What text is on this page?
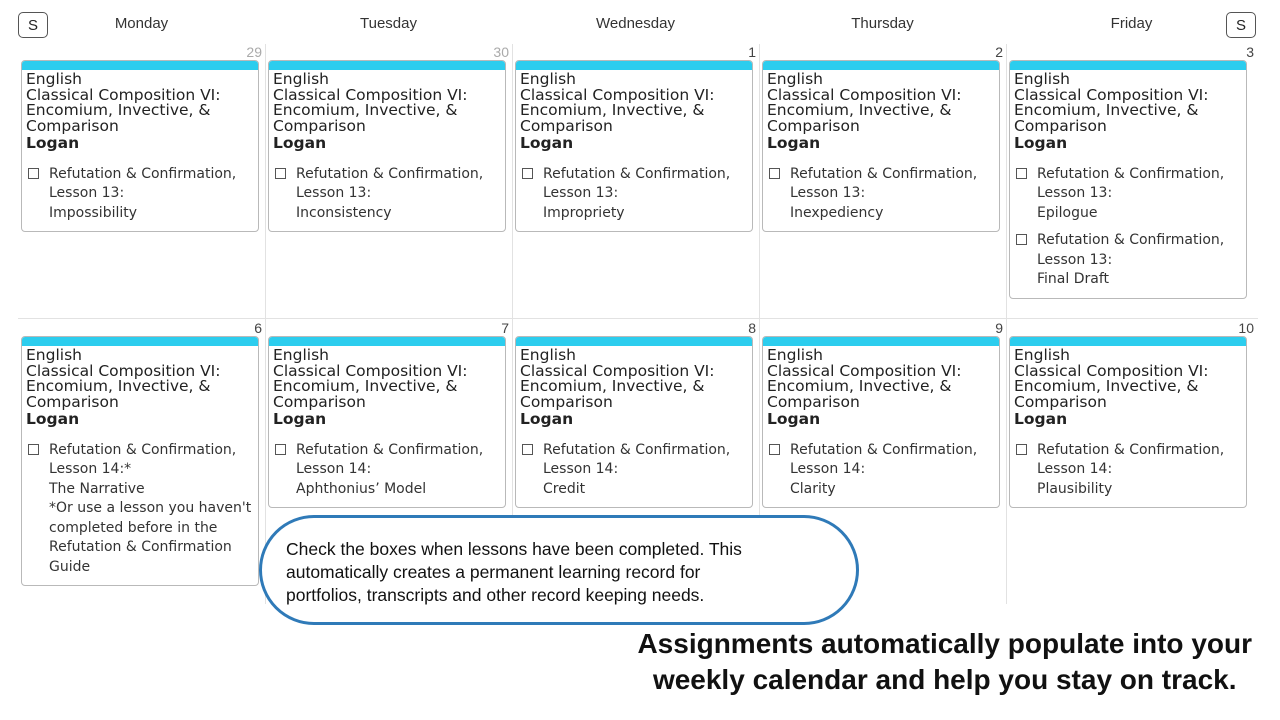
S	S
Monday	Tuesday	Wednesday	Thursday	Friday
29	30	1	2	3
English
Classical Composition VI:
Encomium, Invective, &
Comparison
Logan
Refutation & Confirmation,
Lesson 13:
Impossibility
English
Classical Composition VI:
Encomium, Invective, &
Comparison
Logan
Refutation & Confirmation,
Lesson 13:
Inconsistency
English
Classical Composition VI:
Encomium, Invective, &
Comparison
Logan
Refutation & Confirmation,
Lesson 13:
Impropriety
English
Classical Composition VI:
Encomium, Invective, &
Comparison
Logan
Refutation & Confirmation,
Lesson 13:
Inexpediency
English
Classical Composition VI:
Encomium, Invective, &
Comparison
Logan
Refutation & Confirmation,
Lesson 13:
Epilogue
Refutation & Confirmation,
Lesson 13:
Final Draft
6	7	8	9	10
English
Classical Composition VI:
Encomium, Invective, &
Comparison
Logan
Refutation & Confirmation,
Lesson 14:*
The Narrative
*Or use a lesson you haven't
completed before in the
Refutation & Confirmation
Guide
English
Classical Composition VI:
Encomium, Invective, &
Comparison
Logan
Refutation & Confirmation,
Lesson 14:
Aphthonius’ Model
English
Classical Composition VI:
Encomium, Invective, &
Comparison
Logan
Refutation & Confirmation,
Lesson 14:
Credit
English
Classical Composition VI:
Encomium, Invective, &
Comparison
Logan
Refutation & Confirmation,
Lesson 14:
Clarity
English
Classical Composition VI:
Encomium, Invective, &
Comparison
Logan
Refutation & Confirmation,
Lesson 14:
Plausibility
Check the boxes when lessons have been completed. This
automatically creates a permanent learning record for
portfolios, transcripts and other record keeping needs.
Assignments automatically populate into your
weekly calendar and help you stay on track.
